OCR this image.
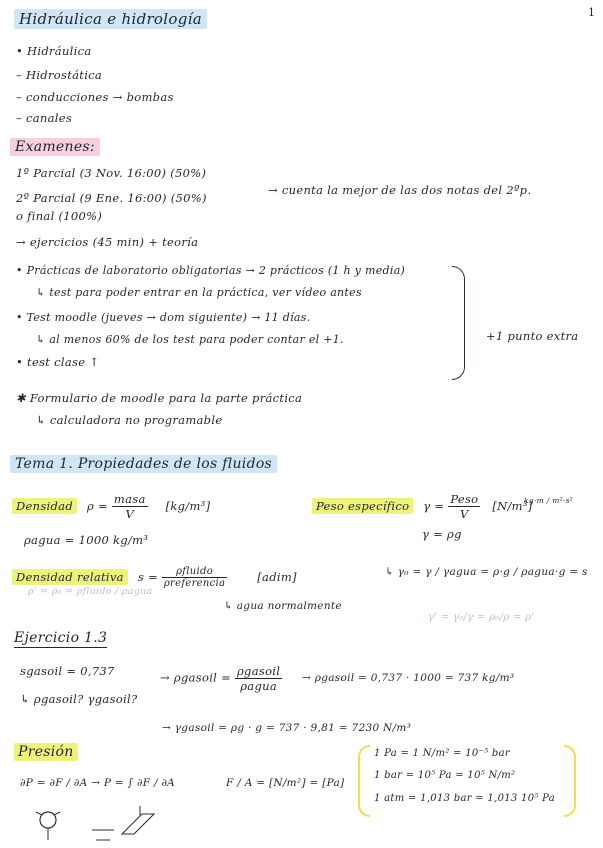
1
Hidráulica e hidrología
• Hidráulica
– Hidrostática
– conducciones → bombas
– canales
Examenes:
1º Parcial (3 Nov. 16:00) (50%)
2º Parcial (9 Ene. 16:00) (50%)
o final (100%)
→ cuenta la mejor de las dos notas del 2ºp.
→ ejercicios (45 min) + teoría
• Prácticas de laboratorio obligatorias → 2 prácticos (1 h y media)
↳ test para poder entrar en la práctica, ver vídeo antes
• Test moodle (jueves → dom siguiente) → 11 días.
↳ al menos 60% de los test para poder contar el +1.
• test clase ↑
+1 punto extra
✱ Formulario de moodle para la parte práctica
↳ calculadora no programable
Tema 1. Propiedades de los fluidos
Densidad $\rho = \frac{\text{masa}}{V} [kg/m^3]$
ρagua = 1000 kg/m³
Peso específico $\gamma = \frac{\text{Peso}}{V} [N/m^3]$
kg·m / m²·s²
γ = ρg
Densidad relativa $s = \frac{\text{ρfluido}}{\text{ρreferencia}}$	[adim]
ρ' = ρ₀ = ρfluido / ρagua
↳ agua normalmente
↳ γ₀ = γ / γagua = ρ·g / ρagua·g = s
γ' = γ₀/γ = ρ₀/ρ = ρ'
Ejercicio 1.3
sgasoil = 0,737
↳ ρgasoil? γgasoil?
→ ρgasoil = $\frac{\text{ρgasoil}}{\text{ρagua}}$ → ρgasoil = 0,737 · 1000 = 737 kg/m³
→ γgasoil = ρg · g = 737 · 9,81 = 7230 N/m³
Presión
∂P = ∂F / ∂A → P = ∫ ∂F / ∂A	F / A = [N/m²] = [Pa]
1 Pa = 1 N/m² = 10⁻⁵ bar
1 bar = 10⁵ Pa = 10⁵ N/m²
1 atm = 1,013 bar = 1,013 10⁵ Pa
